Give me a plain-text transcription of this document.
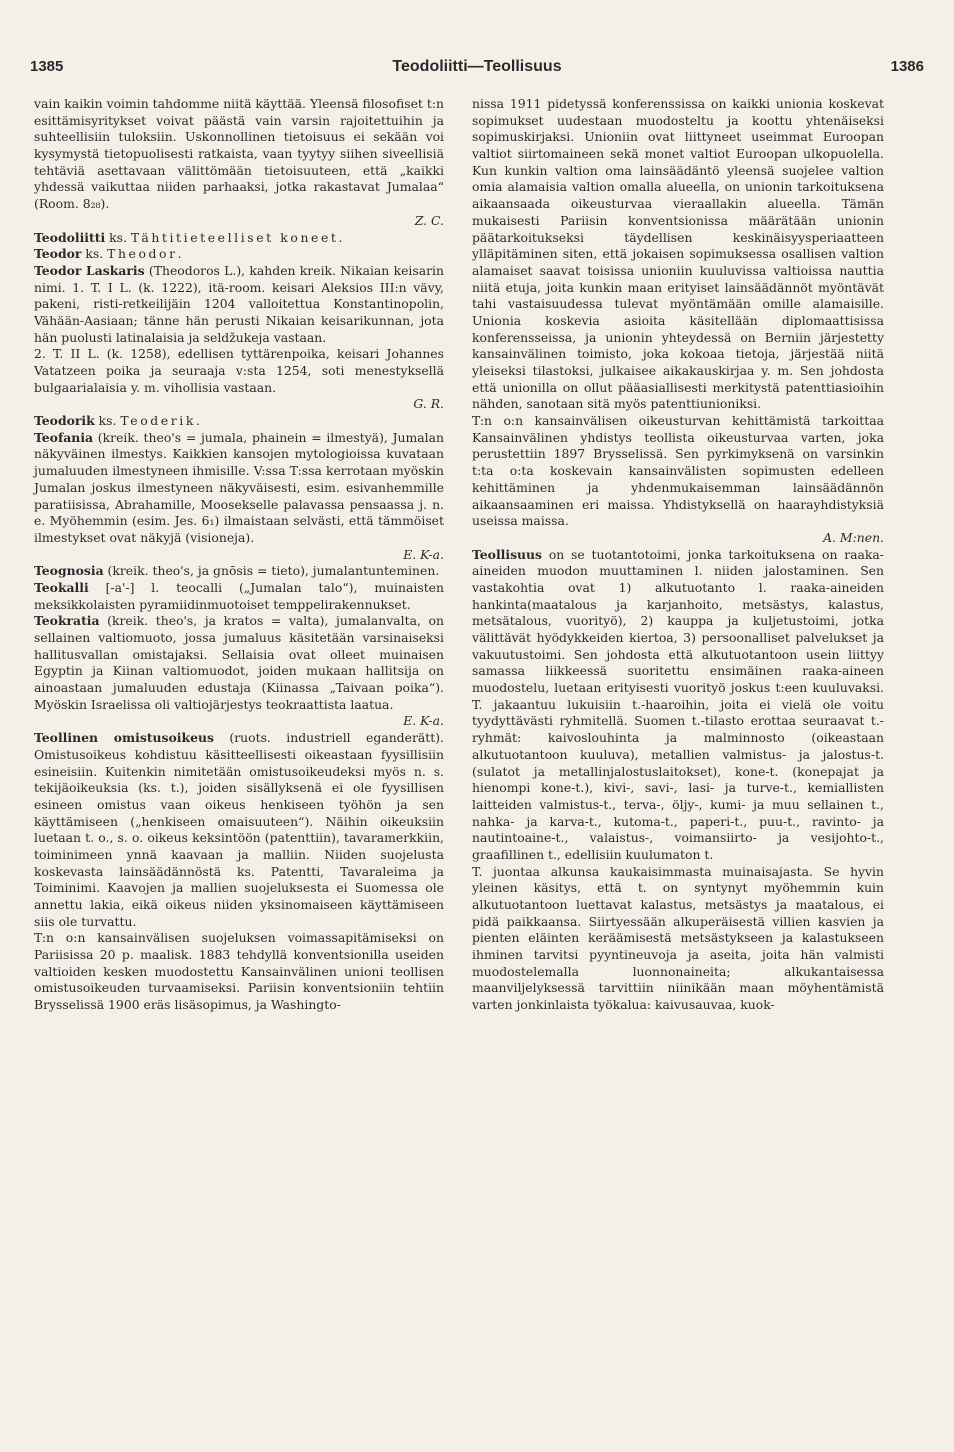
1385	Teodoliitti—Teollisuus	1386

vain kaikin voimin tahdomme niitä käyttää. Yleensä filosofiset t:n esittämisyritykset voivat päästä vain varsin rajoitettuihin ja suhteellisiin tuloksiin. Uskonnollinen tietoisuus ei sekään voi kysymystä tietopuolisesti ratkaista, vaan tyytyy siihen siveellisiä tehtäviä asettavaan välittömään tietoisuuteen, että „kaikki yhdessä vaikuttaa niiden parhaaksi, jotka rakastavat Jumalaa“ (Room. 8₂₈).

Z. C.

Teodoliitti ks. Tähtitieteelliset koneet.

Teodor ks. Theodor.

Teodor Laskaris (Theodoros L.), kahden kreik. Nikaian keisarin nimi. 1. T. I L. (k. 1222), itä-room. keisari Aleksios III:n vävy, pakeni, risti-retkeilijäin 1204 valloitettua Konstantinopolin, Vähään-Aasiaan; tänne hän perusti Nikaian keisarikunnan, jota hän puolusti latinalaisia ja seldžukeja vastaan.

2. T. II L. (k. 1258), edellisen tyttärenpoika, keisari Johannes Vatatzeen poika ja seuraaja v:sta 1254, soti menestyksellä bulgaarialaisia y. m. vihollisia vastaan.

G. R.

Teodorik ks. Teoderik.

Teofania (kreik. theo's = jumala, phainein = ilmestyä), Jumalan näkyväinen ilmestys. Kaikkien kansojen mytologioissa kuvataan jumaluuden ilmestyneen ihmisille. V:ssa T:ssa kerrotaan myöskin Jumalan joskus ilmestyneen näkyväisesti, esim. esivanhemmille paratiisissa, Abrahamille, Moosekselle palavassa pensaassa j. n. e. Myöhemmin (esim. Jes. 6₁) ilmaistaan selvästi, että tämmöiset ilmestykset ovat näkyjä (visioneja).

E. K-a.

Teognosia (kreik. theo's, ja gnōsis = tieto), jumalantunteminen.

Teokalli [-a'-] l. teocalli („Jumalan talo“), muinaisten meksikkolaisten pyramiidinmuotoiset temppelirakennukset.

Teokratia (kreik. theo's, ja kratos = valta), jumalanvalta, on sellainen valtiomuoto, jossa jumaluus käsitetään varsinaiseksi hallitusvallan omistajaksi. Sellaisia ovat olleet muinaisen Egyptin ja Kiinan valtiomuodot, joiden mukaan hallitsija on ainoastaan jumaluuden edustaja (Kiinassa „Taivaan poika“). Myöskin Israelissa oli valtiojärjestys teokraattista laatua.

E. K-a.

Teollinen omistusoikeus (ruots. industriell eganderätt). Omistusoikeus kohdistuu käsitteellisesti oikeastaan fyysillisiin esineisiin. Kuitenkin nimitetään omistusoikeudeksi myös n. s. tekijäoikeuksia (ks. t.), joiden sisällyksenä ei ole fyysillisen esineen omistus vaan oikeus henkiseen työhön ja sen käyttämiseen („henkiseen omaisuuteen“). Näihin oikeuksiin luetaan t. o., s. o. oikeus keksintöön (patenttiin), tavaramerkkiin, toiminimeen ynnä kaavaan ja malliin. Niiden suojelusta koskevasta lainsäädännöstä ks. Patentti, Tavaraleima ja Toiminimi. Kaavojen ja mallien suojeluksesta ei Suomessa ole annettu lakia, eikä oikeus niiden yksinomaiseen käyttämiseen siis ole turvattu.

T:n o:n kansainvälisen suojeluksen voimassapitämiseksi on Pariisissa 20 p. maalisk. 1883 tehdyllä konventsionilla useiden valtioiden kesken muodostettu Kansainvälinen unioni teollisen omistusoikeuden turvaamiseksi. Pariisin konventsioniin tehtiin Brysselissä 1900 eräs lisäsopimus, ja Washingto-

nissa 1911 pidetyssä konferenssissa on kaikki unionia koskevat sopimukset uudestaan muodosteltu ja koottu yhtenäiseksi sopimuskirjaksi. Unioniin ovat liittyneet useimmat Euroopan valtiot siirtomaineen sekä monet valtiot Euroopan ulkopuolella. Kun kunkin valtion oma lainsäädäntö yleensä suojelee valtion omia alamaisia valtion omalla alueella, on unionin tarkoituksena aikaansaada oikeusturvaa vieraallakin alueella. Tämän mukaisesti Pariisin konventsionissa määrätään unionin päätarkoitukseksi täydellisen keskinäisyysperiaatteen ylläpitäminen siten, että jokaisen sopimuksessa osallisen valtion alamaiset saavat toisissa unioniin kuuluvissa valtioissa nauttia niitä etuja, joita kunkin maan erityiset lainsäädännöt myöntävät tahi vastaisuudessa tulevat myöntämään omille alamaisille. Unionia koskevia asioita käsitellään diplomaattisissa konferensseissa, ja unionin yhteydessä on Berniin järjestetty kansainvälinen toimisto, joka kokoaa tietoja, järjestää niitä yleiseksi tilastoksi, julkaisee aikakauskirjaa y. m. Sen johdosta että unionilla on ollut pääasiallisesti merkitystä patenttiasioihin nähden, sanotaan sitä myös patenttiunioniksi.

T:n o:n kansainvälisen oikeusturvan kehittämistä tarkoittaa Kansainvälinen yhdistys teollista oikeusturvaa varten, joka perustettiin 1897 Brysselissä. Sen pyrkimyksenä on varsinkin t:ta o:ta koskevain kansainvälisten sopimusten edelleen kehittäminen ja yhdenmukaisemman lainsäädännön aikaansaaminen eri maissa. Yhdistyksellä on haarayhdistyksiä useissa maissa.

A. M:nen.

Teollisuus on se tuotantotoimi, jonka tarkoituksena on raaka-aineiden muodon muuttaminen l. niiden jalostaminen. Sen vastakohtia ovat 1) alkutuotanto l. raaka-aineiden hankinta(maatalous ja karjanhoito, metsästys, kalastus, metsätalous, vuorityö), 2) kauppa ja kuljetustoimi, jotka välittävät hyödykkeiden kiertoa, 3) persoonalliset palvelukset ja vakuutustoimi. Sen johdosta että alkutuotantoon usein liittyy samassa liikkeessä suoritettu ensimäinen raaka-aineen muodostelu, luetaan erityisesti vuorityö joskus t:een kuuluvaksi. T. jakaantuu lukuisiin t.-haaroihin, joita ei vielä ole voitu tyydyttävästi ryhmitellä. Suomen t.-tilasto erottaa seuraavat t.-ryhmät: kaivoslouhinta ja malminnosto (oikeastaan alkutuotantoon kuuluva), metallien valmistus- ja jalostus-t. (sulatot ja metallinjalostuslaitokset), kone-t. (konepajat ja hienompi kone-t.), kivi-, savi-, lasi- ja turve-t., kemiallisten laitteiden valmistus-t., terva-, öljy-, kumi- ja muu sellainen t., nahka- ja karva-t., kutoma-t., paperi-t., puu-t., ravinto- ja nautintoaine-t., valaistus-, voimansiirto- ja vesijohto-t., graafillinen t., edellisiin kuulumaton t.

T. juontaa alkunsa kaukaisimmasta muinaisajasta. Se hyvin yleinen käsitys, että t. on syntynyt myöhemmin kuin alkutuotantoon luettavat kalastus, metsästys ja maatalous, ei pidä paikkaansa. Siirtyessään alkuperäisestä villien kasvien ja pienten eläinten keräämisestä metsästykseen ja kalastukseen ihminen tarvitsi pyyntineuvoja ja aseita, joita hän valmisti muodostelemalla luonnonaineita; alkukantaisessa maanviljelyksessä tarvittiin niinikään maan möyhentämistä varten jonkinlaista työkalua: kaivusauvaa, kuok-
